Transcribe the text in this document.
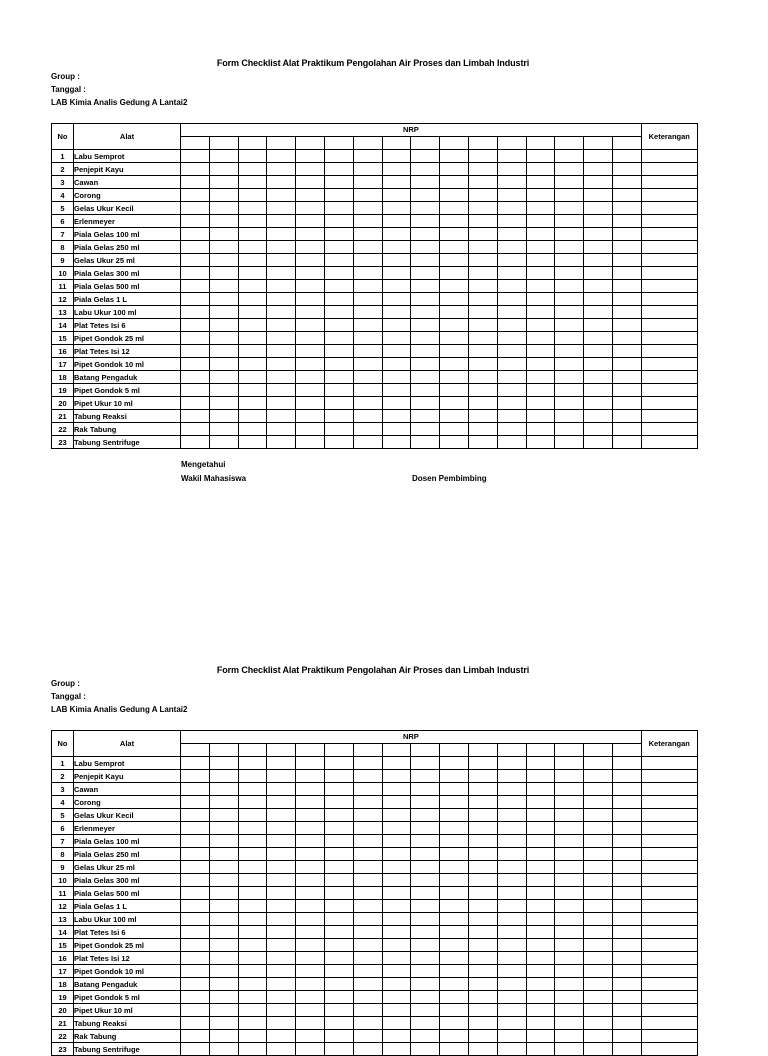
Form Checklist Alat Praktikum Pengolahan Air Proses dan Limbah Industri
Group :
Tanggal :
LAB Kimia Analis Gedung A Lantai2
No	Alat	NRP																Keterangan

1	Labu Semprot																	
2	Penjepit Kayu																	
3	Cawan																	
4	Corong																	
5	Gelas Ukur Kecil																	
6	Erlenmeyer																	
7	Piala Gelas 100 ml																	
8	Piala Gelas 250 ml																	
9	Gelas Ukur 25 ml																	
10	Piala Gelas 300 ml																	
11	Piala Gelas 500 ml																	
12	Piala Gelas 1 L																	
13	Labu Ukur 100 ml																	
14	Plat Tetes Isi 6																	
15	Pipet Gondok 25 ml																	
16	Plat Tetes Isi 12																	
17	Pipet Gondok 10 ml																	
18	Batang Pengaduk																	
19	Pipet Gondok 5 ml																	
20	Pipet Ukur 10 ml																	
21	Tabung Reaksi																	
22	Rak Tabung																	
23	Tabung Sentrifuge																	
Mengetahui
Wakil Mahasiswa	Dosen Pembimbing
Form Checklist Alat Praktikum Pengolahan Air Proses dan Limbah Industri
Group :
Tanggal :
LAB Kimia Analis Gedung A Lantai2
No	Alat	NRP																Keterangan

1	Labu Semprot																	
2	Penjepit Kayu																	
3	Cawan																	
4	Corong																	
5	Gelas Ukur Kecil																	
6	Erlenmeyer																	
7	Piala Gelas 100 ml																	
8	Piala Gelas 250 ml																	
9	Gelas Ukur 25 ml																	
10	Piala Gelas 300 ml																	
11	Piala Gelas 500 ml																	
12	Piala Gelas 1 L																	
13	Labu Ukur 100 ml																	
14	Plat Tetes Isi 6																	
15	Pipet Gondok 25 ml																	
16	Plat Tetes Isi 12																	
17	Pipet Gondok 10 ml																	
18	Batang Pengaduk																	
19	Pipet Gondok 5 ml																	
20	Pipet Ukur 10 ml																	
21	Tabung Reaksi																	
22	Rak Tabung																	
23	Tabung Sentrifuge																	
